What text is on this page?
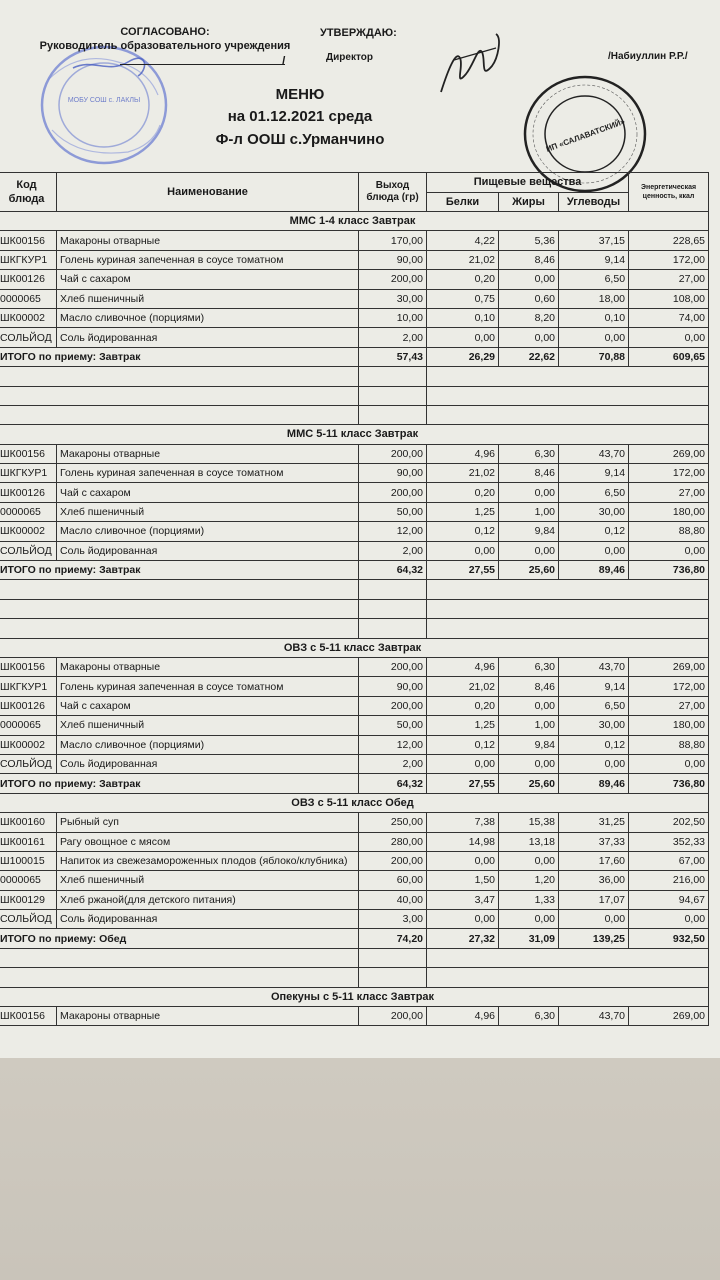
МОБУ СОШ с. ЛАКЛЫ
ИП «САЛАВАТСКИЙ»
СОГЛАСОВАНО:
Руководитель образовательного учреждения
/
УТВЕРЖДАЮ:
Директор	/Набиуллин Р.Р./
МЕНЮ
на 01.12.2021 среда
Ф-л ООШ с.Урманчино
Код блюда	Наименование	Выход блюда (гр)	Пищевые вещества			Энергетическая ценность, ккал
			Белки	Жиры	Углеводы	
ММС 1-4 класс Завтрак						
ШК00156	Макароны отварные	170,00	4,22	5,36	37,15	228,65
ШКГКУР1	Голень куриная запеченная в соусе томатном	90,00	21,02	8,46	9,14	172,00
ШК00126	Чай с сахаром	200,00	0,20	0,00	6,50	27,00
0000065	Хлеб пшеничный	30,00	0,75	0,60	18,00	108,00
ШК00002	Масло сливочное (порциями)	10,00	0,10	8,20	0,10	74,00
СОЛЬЙОД	Соль йодированная	2,00	0,00	0,00	0,00	0,00
ИТОГО по приему: Завтрак		57,43	26,29	22,62	70,88	609,65

ММС 5-11 класс Завтрак						
ШК00156	Макароны отварные	200,00	4,96	6,30	43,70	269,00
ШКГКУР1	Голень куриная запеченная в соусе томатном	90,00	21,02	8,46	9,14	172,00
ШК00126	Чай с сахаром	200,00	0,20	0,00	6,50	27,00
0000065	Хлеб пшеничный	50,00	1,25	1,00	30,00	180,00
ШК00002	Масло сливочное (порциями)	12,00	0,12	9,84	0,12	88,80
СОЛЬЙОД	Соль йодированная	2,00	0,00	0,00	0,00	0,00
ИТОГО по приему: Завтрак		64,32	27,55	25,60	89,46	736,80

ОВЗ с 5-11 класс Завтрак						
ШК00156	Макароны отварные	200,00	4,96	6,30	43,70	269,00
ШКГКУР1	Голень куриная запеченная в соусе томатном	90,00	21,02	8,46	9,14	172,00
ШК00126	Чай с сахаром	200,00	0,20	0,00	6,50	27,00
0000065	Хлеб пшеничный	50,00	1,25	1,00	30,00	180,00
ШК00002	Масло сливочное (порциями)	12,00	0,12	9,84	0,12	88,80
СОЛЬЙОД	Соль йодированная	2,00	0,00	0,00	0,00	0,00
ИТОГО по приему: Завтрак		64,32	27,55	25,60	89,46	736,80
ОВЗ с 5-11 класс Обед						
ШК00160	Рыбный суп	250,00	7,38	15,38	31,25	202,50
ШК00161	Рагу овощное с мясом	280,00	14,98	13,18	37,33	352,33
Ш100015	Напиток из свежезамороженных плодов (яблоко/клубника)	200,00	0,00	0,00	17,60	67,00
0000065	Хлеб пшеничный	60,00	1,50	1,20	36,00	216,00
ШК00129	Хлеб ржаной(для детского питания)	40,00	3,47	1,33	17,07	94,67
СОЛЬЙОД	Соль йодированная	3,00	0,00	0,00	0,00	0,00
ИТОГО по приему: Обед		74,20	27,32	31,09	139,25	932,50

Опекуны с 5-11 класс Завтрак						
ШК00156	Макароны отварные	200,00	4,96	6,30	43,70	269,00
